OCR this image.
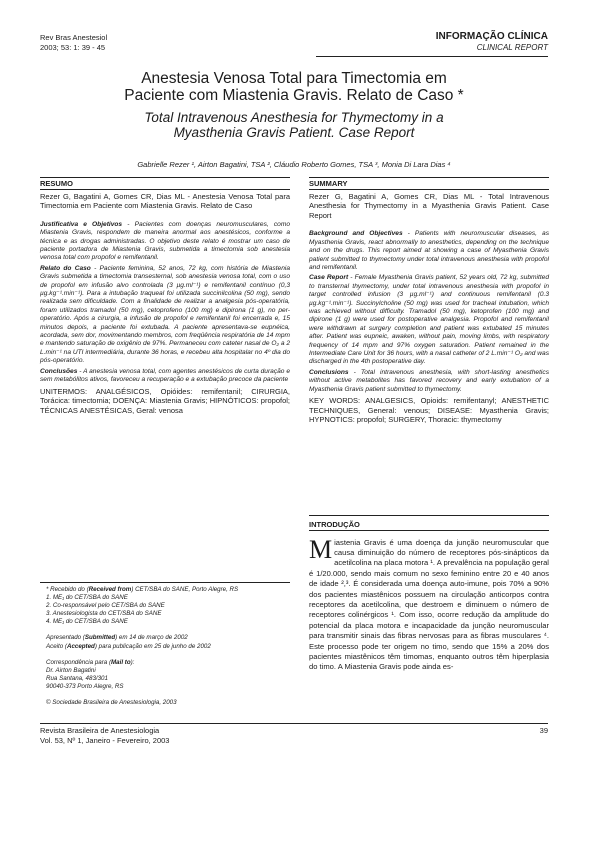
Rev Bras Anestesiol
2003; 53: 1: 39 - 45
INFORMAÇÃO CLÍNICA
CLINICAL REPORT
Anestesia Venosa Total para Timectomia em
Paciente com Miastenia Gravis. Relato de Caso *
Total Intravenous Anesthesia for Thymectomy in a
Myasthenia Gravis Patient. Case Report
Gabrielle Rezer ¹, Airton Bagatini, TSA ², Cláudio Roberto Gomes, TSA ³, Monia Di Lara Dias ⁴
RESUMO
Rezer G, Bagatini A, Gomes CR, Dias ML - Anestesia Venosa Total para Timectomia em Paciente com Miastenia Gravis. Relato de Caso

Justificativa e Objetivos - Pacientes com doenças neuromusculares, como Miastenia Gravis, respondem de maneira anormal aos anestésicos, conforme a técnica e as drogas administradas. O objetivo deste relato é mostrar um caso de paciente portadora de Miastenia Gravis, submetida a timectomia sob anestesia venosa total com propofol e remifentanil.

Relato do Caso - Paciente feminina, 52 anos, 72 kg, com história de Miastenia Gravis submetida a timectomia transesternal, sob anestesia venosa total, com o uso de propofol em infusão alvo controlada (3 µg.ml⁻¹) e remifentanil contínuo (0,3 µg.kg⁻¹.min⁻¹). Para a intubação traqueal foi utilizada succinilcolina (50 mg), sendo realizada sem dificuldade. Com a finalidade de realizar a analgesia pós-operatória, foram utilizados tramadol (50 mg), cetoprofeno (100 mg) e dipirona (1 g), no per-operatório. Após a cirurgia, a infusão de propofol e remifentanil foi encerrada e, 15 minutos depois, a paciente foi extubada. A paciente apresentava-se eupnéica, acordada, sem dor, movimentando membros, com freqüência respiratória de 14 mpm e mantendo saturação de oxigênio de 97%. Permaneceu com cateter nasal de O₂ a 2 L.min⁻¹ na UTI intermediária, durante 36 horas, e recebeu alta hospitalar no 4º dia do pós-operatório.

Conclusões - A anestesia venosa total, com agentes anestésicos de curta duração e sem metabólitos ativos, favoreceu a recuperação e a extubação precoce da paciente

UNITERMOS: ANALGÉSICOS, Opióides: remifentanil; CIRURGIA, Torácica: timectomia; DOENÇA: Miastenia Gravis; HIPNÓTICOS: propofol; TÉCNICAS ANESTÉSICAS, Geral: venosa

SUMMARY
Rezer G, Bagatini A, Gomes CR, Dias ML - Total Intravenous Anesthesia for Thymectomy in a Myasthenia Gravis Patient. Case Report

Background and Objectives - Patients with neuromuscular diseases, as Myasthenia Gravis, react abnormally to anesthetics, depending on the technique and on the drugs. This report aimed at showing a case of Myasthenia Gravis patient submitted to thymectomy under total intravenous anesthesia with propofol and remifentanil.

Case Report - Female Myasthenia Gravis patient, 52 years old, 72 kg, submitted to transternal thymectomy, under total intravenous anesthesia with propofol in target controlled infusion (3 µg.ml⁻¹) and continuous remifentanil (0.3 µg.kg⁻¹.min⁻¹). Succinylcholine (50 mg) was used for tracheal intubation, which was achieved without difficulty. Tramadol (50 mg), ketoprofen (100 mg) and dipirone (1 g) were used for postoperative analgesia. Propofol and remifentanil were withdrawn at surgery completion and patient was extubated 15 minutes after. Patient was eupneic, awaken, without pain, moving limbs, with respiratory frequency of 14 mpm and 97% oxygen saturation. Patient remained in the Intermediate Care Unit for 36 hours, with a nasal catheter of 2 L.min⁻¹ O₂ and was discharged in the 4th postoperative day.

Conclusions - Total intravenous anesthesia, with short-lasting anesthetics without active metabolites has favored recovery and early extubation of a Myasthenia Gravis patient submitted to thymectomy.

KEY WORDS: ANALGESICS, Opioids: remifentanyl; ANESTHETIC TECHNIQUES, General: venous; DISEASE: Myasthenia Gravis; HYPNOTICS: propofol; SURGERY, Thoracic: thymectomy

INTRODUÇÃO
Miastenia Gravis é uma doença da junção neuromuscular que causa diminuição do número de receptores pós-sinápticos da acetilcolina na placa motora ¹. A prevalência na população geral é 1/20.000, sendo mais comum no sexo feminino entre 20 e 40 anos de idade ²,³. É considerada uma doença auto-imune, pois 70% a 90% dos pacientes miastênicos possuem na circulação anticorpos contra receptores da acetilcolina, que destroem e diminuem o número de receptores colinérgicos ¹. Com isso, ocorre redução da amplitude do potencial da placa motora e incapacidade da junção neuromuscular para transmitir sinais das fibras nervosas para as fibras musculares ⁴. Este processo pode ter origem no timo, sendo que 15% a 20% dos pacientes miastênicos têm timomas, enquanto outros têm hiperplasia do timo. A Miastenia Gravis pode ainda es-
* Recebido do (Received from) CET/SBA do SANE, Porto Alegre, RS
1. ME₁ do CET/SBA do SANE
2. Co-responsável pelo CET/SBA do SANE
3. Anestesiologista do CET/SBA do SANE
4. ME₁ do CET/SBA do SANE
Apresentado (Submitted) em 14 de março de 2002
Aceito (Accepted) para publicação em 25 de junho de 2002
Correspondência para (Mail to):
Dr. Airton Bagatini
Rua Santana, 483/301
90040-373 Porto Alegre, RS
© Sociedade Brasileira de Anestesiologia, 2003
Revista Brasileira de Anestesiologia
Vol. 53, Nº 1, Janeiro - Fevereiro, 2003
39
